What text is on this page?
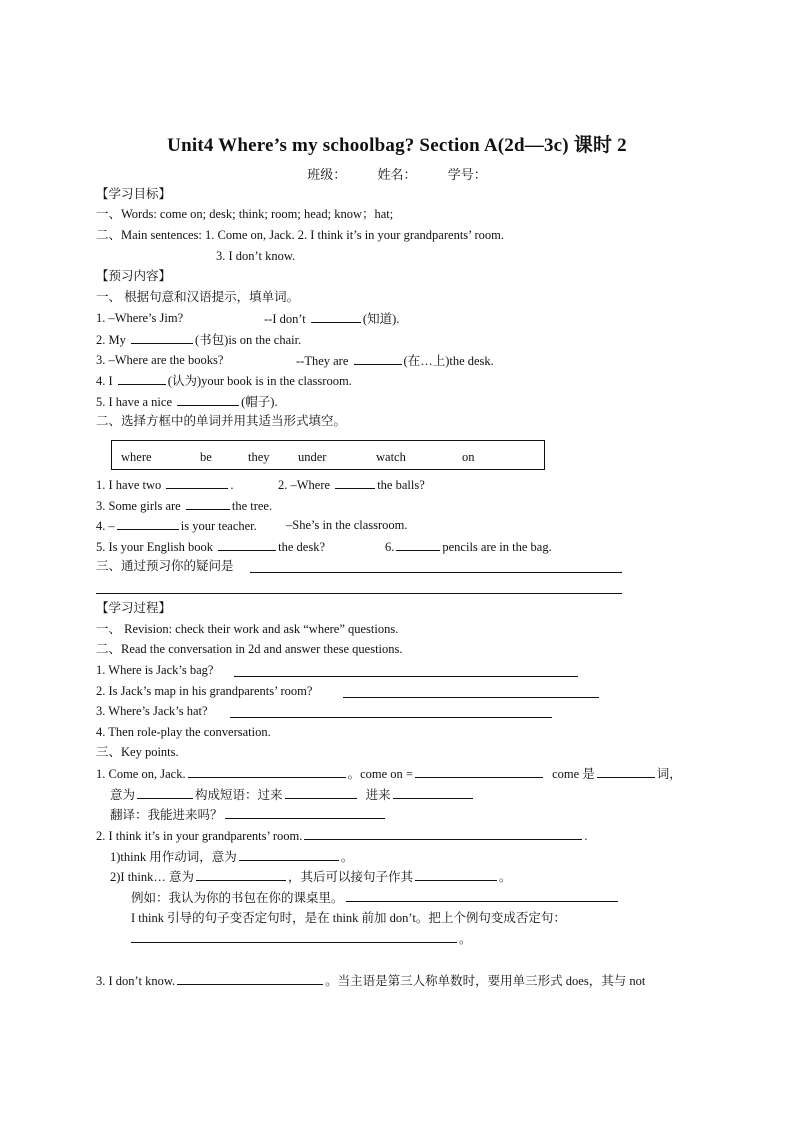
Unit4 Where’s my schoolbag? Section A(2d—3c) 课时 2
班级： 姓名： 学号：
【学习目标】
一、Words: come on; desk; think; room; head; know；hat;
二、Main sentences: 1. Come on, Jack. 2. I think it’s in your grandparents’ room.
3. I don’t know.
【预习内容】
一、 根据句意和汉语提示，填单词。
1. –Where’s Jim?	--I don’t	(知道).
2. My	(书包)is on the chair.
3. –Where are the books?	--They are	(在…上)the desk.
4. I	(认为)your book is in the classroom.
5. I have a nice	(帽子).
二、选择方框中的单词并用其适当形式填空。
where	be	they under	watch	on
1. I have two	.	2. –Where	the balls?
3. Some girls are	the tree.
4. –	is your teacher. –She’s in the classroom.
5. Is your English book	the desk?	6.	pencils are in the bag.
三、通过预习你的疑问是
【学习过程】
一、 Revision: check their work and ask “where” questions.
二、Read the conversation in 2d and answer these questions.
1. Where is Jack’s bag?
2. Is Jack’s map in his grandparents’ room?
3. Where’s Jack’s hat?
4. Then role-play the conversation.
三、Key points.
1. Come on, Jack.	。come on =	come 是	词，
意为	构成短语：过来	进来
翻译：我能进来吗？
2. I think it’s in your grandparents’ room.	.
1)think 用作动词，意为	。
2)I think… 意为	，其后可以接句子作其	。
例如：我认为你的书包在你的课桌里。
I think 引导的句子变否定句时，是在 think 前加 don’t。把上个例句变成否定句：
。
3. I don’t know.	。当主语是第三人称单数时，要用单三形式 does，其与 not
